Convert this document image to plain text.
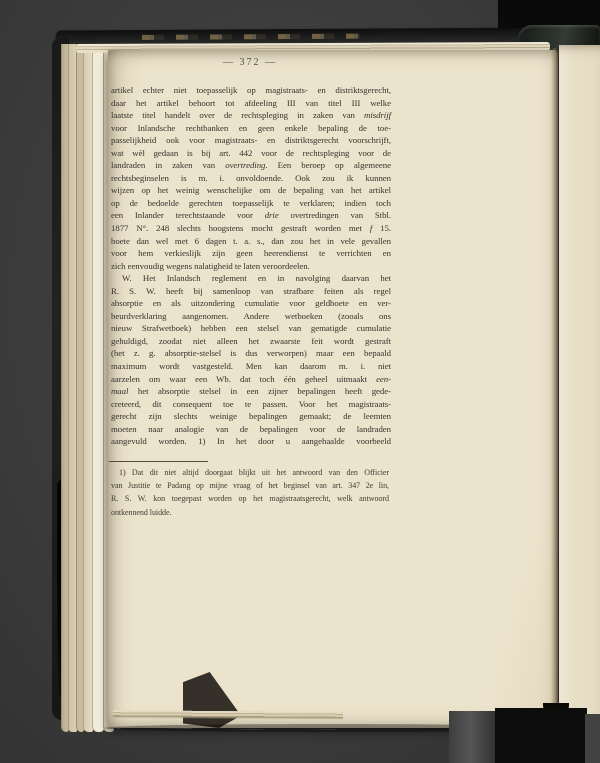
— 372 —
artikel echter niet toepasselijk op magistraats- en distriktsgerecht,
daar het artikel behoort tot afdeeling III van titel III welke
laatste titel handelt over de rechtspleging in zaken van misdrijf
voor Inlandsche rechtbanken en geen enkele bepaling de toe-
passelijkheid ook voor magistraats- en distriktsgerecht voorschrijft,
wat wèl gedaan is bij art. 442 voor de rechtspleging voor de
landraden in zaken van overtreding. Een beroep op algemeene
rechtsbeginselen is m. i. onvoldoende. Ook zou ik kunnen
wijzen op het weinig wenschelijke om de bepaling van het artikel
op de bedoelde gerechten toepasselijk te verklaren; indien toch
een Inlander terechtstaande voor drie overtredingen van Stbl.
1877 N°. 248 slechts hoogstens mocht gestraft worden met f 15.
boete dan wel met 6 dagen t. a. s., dan zou het in vele gevallen
voor hem verkieslijk zijn geen heerendienst te verrichten en
zich eenvoudig wegens nalatigheid te laten veroordeelen.
W. Het Inlandsch reglement en in navolging daarvan het
R. S. W. heeft bij samenloop van strafbare feiten als regel
absorptie en als uitzondering cumulatie voor geldboete en ver-
beurdverklaring aangenomen. Andere wetboeken (zooals ons
nieuw Strafwetboek) hebben een stelsel van gematigde cumulatie
gehuldigd, zoodat niet alleen het zwaarste feit wordt gestraft
(het z. g. absorptie-stelsel is dus verworpen) maar een bepaald
maximum wordt vastgesteld. Men kan daarom m. i. niet
aarzelen om waar een Wb. dat toch één geheel uitmaakt een-
maal het absorptie stelsel in een zijner bepalingen heeft gede-
creteerd, dit consequent toe te passen. Voor het magistraats-
gerecht zijn slechts weinige bepalingen gemaakt; de leemten
moeten naar analogie van de bepalingen voor de landraden
aangevuld worden. 1) In het door u aangehaalde voorbeeld
1) Dat dit niet altijd doorgaat blijkt uit het antwoord van den Officier
van Justitie te Padang op mijne vraag of het beginsel van art. 347 2e lin,
R. S. W. kon toegepast worden op het magistraatsgerecht, welk antwoord
ontkennend luidde.
